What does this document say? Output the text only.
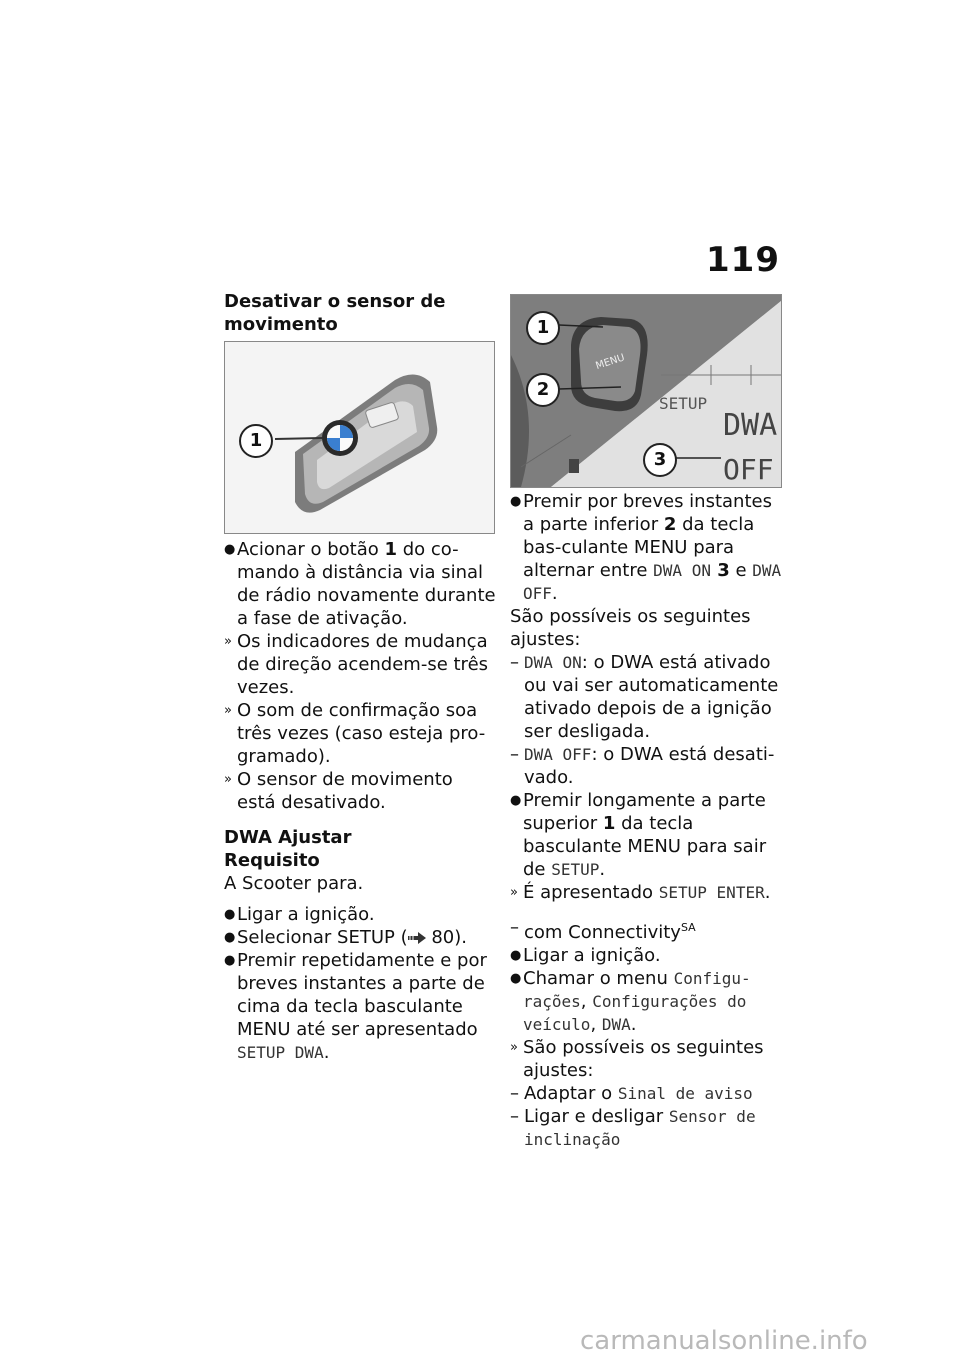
119

Desativar o sensor de movimento

1

● Acionar o botão 1 do co-mando à distância via sinal de rádio novamente durante a fase de ativação.

» Os indicadores de mudança de direção acendem-se três vezes.

» O som de confirmação soa três vezes (caso esteja pro-gramado).

» O sensor de movimento está desativado.

DWA Ajustar

Requisito

A Scooter para.

● Ligar a ignição.

● Selecionar SETUP ( 80).

● Premir repetidamente e por breves instantes a parte de cima da tecla basculante MENU até ser apresentado SETUP DWA.

MENU
SETUP
DWA
OFF
1
2
3

● Premir por breves instantes a parte inferior 2 da tecla bas-culante MENU para alternar entre DWA ON 3 e DWA OFF.

São possíveis os seguintes ajustes:

– DWA ON: o DWA está ativado ou vai ser automaticamente ativado depois de a ignição ser desligada.

– DWA OFF: o DWA está desati-vado.

● Premir longamente a parte superior 1 da tecla basculante MENU para sair de SETUP.

» É apresentado SETUP ENTER.

– com Connectivity$^{SA}$

● Ligar a ignição.

● Chamar o menu Configu-rações, Configurações do veículo, DWA.

» São possíveis os seguintes ajustes:

– Adaptar o Sinal de aviso

– Ligar e desligar Sensor de inclinação

carmanualsonline.info
